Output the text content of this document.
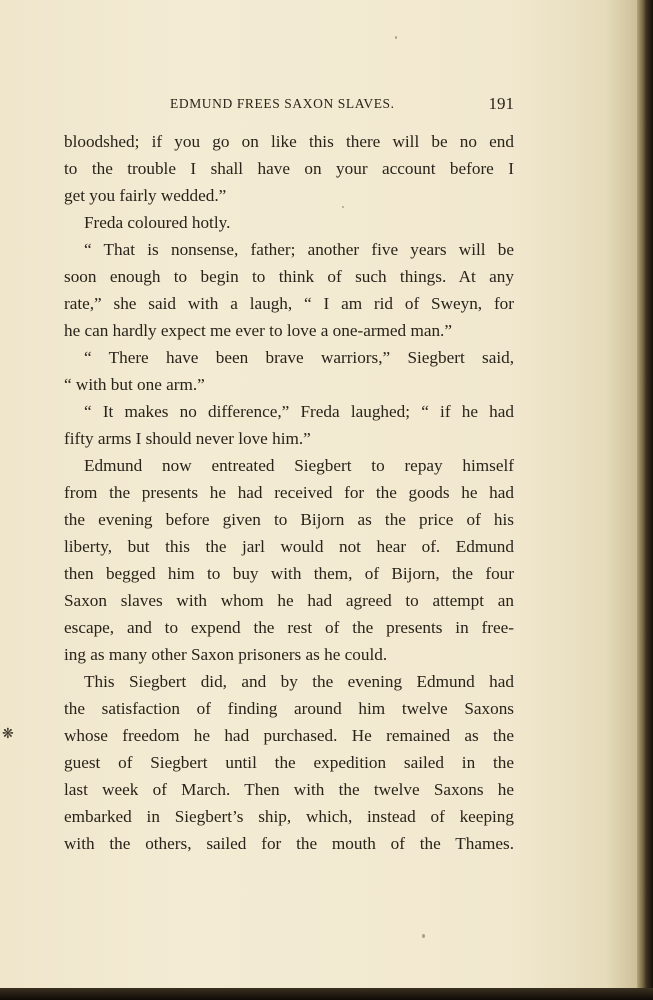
EDMUND FREES SAXON SLAVES.	191
bloodshed; if you go on like this there will be no end
to the trouble I shall have on your account before I
get you fairly wedded.”
Freda coloured hotly.
“ That is nonsense, father; another five years will be
soon enough to begin to think of such things. At any
rate,” she said with a laugh, “ I am rid of Sweyn, for
he can hardly expect me ever to love a one-armed man.”
“ There have been brave warriors,” Siegbert said,
“ with but one arm.”
“ It makes no difference,” Freda laughed; “ if he had
fifty arms I should never love him.”
Edmund now entreated Siegbert to repay himself
from the presents he had received for the goods he had
the evening before given to Bijorn as the price of his
liberty, but this the jarl would not hear of. Edmund
then begged him to buy with them, of Bijorn, the four
Saxon slaves with whom he had agreed to attempt an
escape, and to expend the rest of the presents in free-
ing as many other Saxon prisoners as he could.
This Siegbert did, and by the evening Edmund had
the satisfaction of finding around him twelve Saxons
whose freedom he had purchased. He remained as the
guest of Siegbert until the expedition sailed in the
last week of March. Then with the twelve Saxons he
embarked in Siegbert’s ship, which, instead of keeping
with the others, sailed for the mouth of the Thames.
❋
